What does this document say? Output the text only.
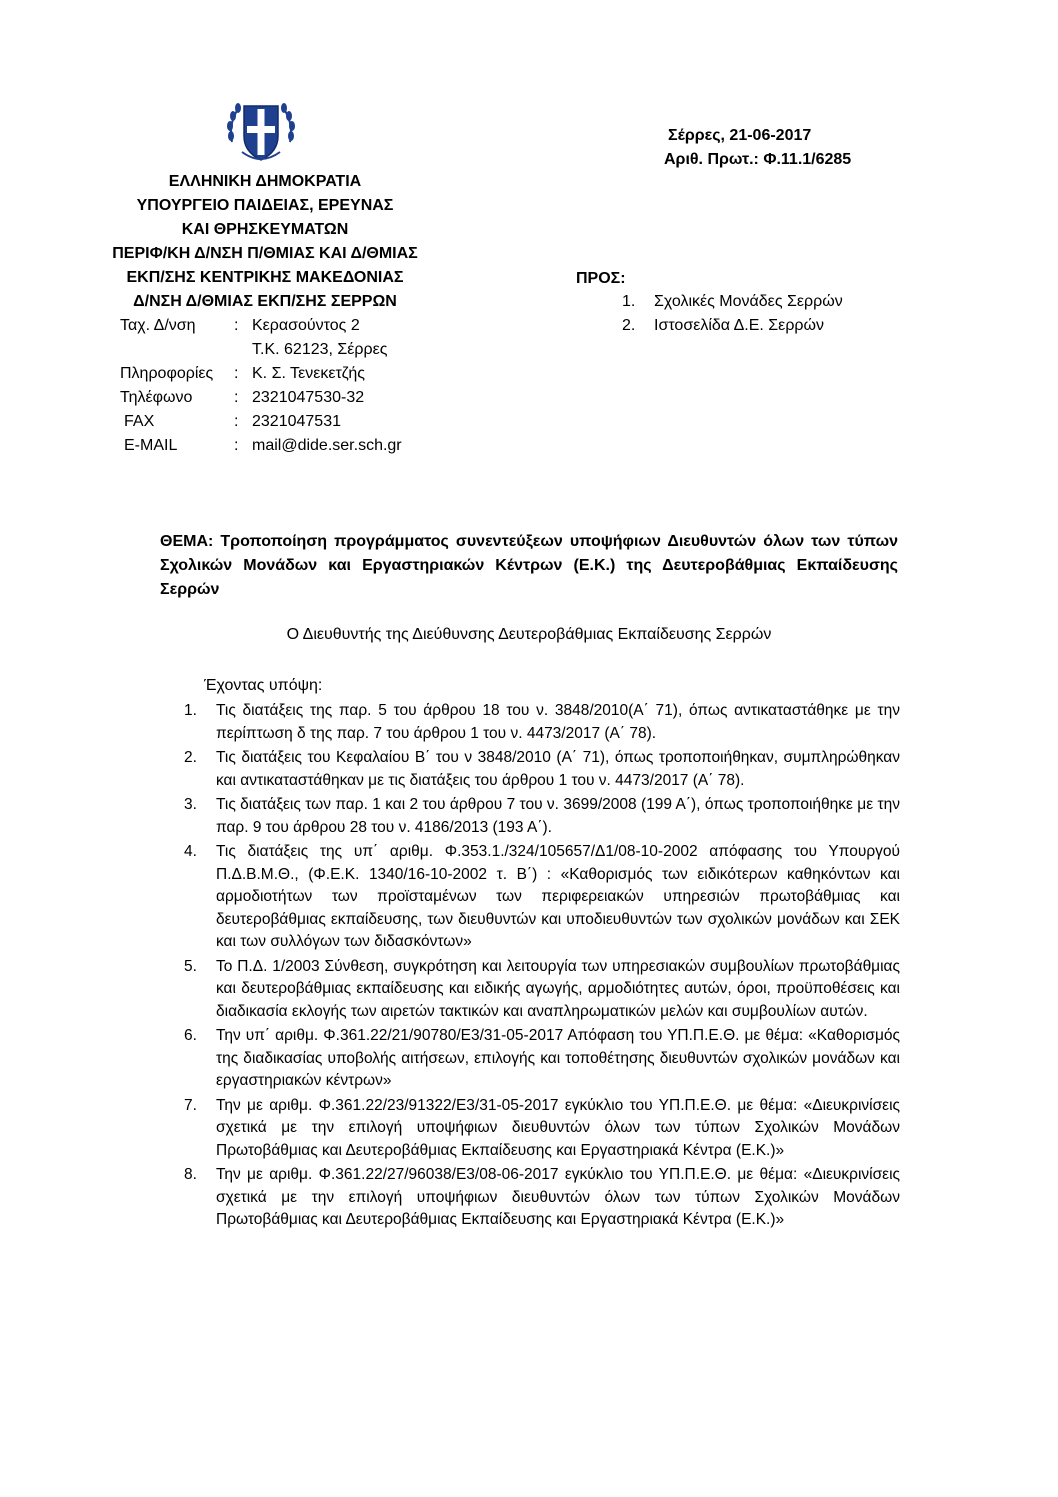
ΕΛΛΗΝΙΚΗ ΔΗΜΟΚΡΑΤΙΑ
ΥΠΟΥΡΓΕΙΟ ΠΑΙΔΕΙΑΣ, ΕΡΕΥΝΑΣ
ΚΑΙ ΘΡΗΣΚΕΥΜΑΤΩΝ
ΠΕΡΙΦ/ΚΗ Δ/ΝΣΗ Π/ΘΜΙΑΣ ΚΑΙ Δ/ΘΜΙΑΣ
ΕΚΠ/ΣΗΣ ΚΕΝΤΡΙΚΗΣ ΜΑΚΕΔΟΝΙΑΣ
Δ/ΝΣΗ Δ/ΘΜΙΑΣ ΕΚΠ/ΣΗΣ ΣΕΡΡΩΝ
Ταχ. Δ/νση : Κερασούντος 2
Τ.Κ. 62123, Σέρρες
Πληροφορίες : Κ. Σ. Τενεκετζής
Τηλέφωνο	: 2321047530-32
FAX	: 2321047531
E-MAIL	: mail@dide.ser.sch.gr
Σέρρες, 21-06-2017
Αριθ. Πρωτ.: Φ.11.1/6285
ΠΡΟΣ:
1. Σχολικές Μονάδες Σερρών
2. Ιστοσελίδα Δ.Ε. Σερρών
ΘΕΜΑ: Τροποποίηση προγράμματος συνεντεύξεων υποψήφιων Διευθυντών όλων των τύπων Σχολικών Μονάδων και Εργαστηριακών Κέντρων (Ε.Κ.) της Δευτεροβάθμιας Εκπαίδευσης Σερρών
Ο Διευθυντής της Διεύθυνσης Δευτεροβάθμιας Εκπαίδευσης Σερρών
Έχοντας υπόψη:
1. Τις διατάξεις της παρ. 5 του άρθρου 18 του ν. 3848/2010(Α΄ 71), όπως αντικαταστάθηκε με την περίπτωση δ της παρ. 7 του άρθρου 1 του ν. 4473/2017 (Α΄ 78).
2. Τις διατάξεις του Κεφαλαίου Β΄ του ν 3848/2010 (Α΄ 71), όπως τροποποιήθηκαν, συμπληρώθηκαν και αντικαταστάθηκαν με τις διατάξεις του άρθρου 1 του ν. 4473/2017 (Α΄ 78).
3. Τις διατάξεις των παρ. 1 και 2 του άρθρου 7 του ν. 3699/2008 (199 Α΄), όπως τροποποιήθηκε με την παρ. 9 του άρθρου 28 του ν. 4186/2013 (193 Α΄).
4. Τις διατάξεις της υπ΄ αριθμ. Φ.353.1./324/105657/Δ1/08-10-2002 απόφασης του Υπουργού Π.Δ.Β.Μ.Θ., (Φ.Ε.Κ. 1340/16-10-2002 τ. Β΄) : «Καθορισμός των ειδικότερων καθηκόντων και αρμοδιοτήτων των προϊσταμένων των περιφερειακών υπηρεσιών πρωτοβάθμιας και δευτεροβάθμιας εκπαίδευσης, των διευθυντών και υποδιευθυντών των σχολικών μονάδων και ΣΕΚ και των συλλόγων των διδασκόντων»
5. Το Π.Δ. 1/2003 Σύνθεση, συγκρότηση και λειτουργία των υπηρεσιακών συμβουλίων πρωτοβάθμιας και δευτεροβάθμιας εκπαίδευσης και ειδικής αγωγής, αρμοδιότητες αυτών, όροι, προϋποθέσεις και διαδικασία εκλογής των αιρετών τακτικών και αναπληρωματικών μελών και συμβουλίων αυτών.
6. Την υπ΄ αριθμ. Φ.361.22/21/90780/Ε3/31-05-2017 Απόφαση του ΥΠ.Π.Ε.Θ. με θέμα: «Καθορισμός της διαδικασίας υποβολής αιτήσεων, επιλογής και τοποθέτησης διευθυντών σχολικών μονάδων και εργαστηριακών κέντρων»
7. Την με αριθμ. Φ.361.22/23/91322/Ε3/31-05-2017 εγκύκλιο του ΥΠ.Π.Ε.Θ. με θέμα: «Διευκρινίσεις σχετικά με την επιλογή υποψήφιων διευθυντών όλων των τύπων Σχολικών Μονάδων Πρωτοβάθμιας και Δευτεροβάθμιας Εκπαίδευσης και Εργαστηριακά Κέντρα (Ε.Κ.)»
8. Την με αριθμ. Φ.361.22/27/96038/Ε3/08-06-2017 εγκύκλιο του ΥΠ.Π.Ε.Θ. με θέμα: «Διευκρινίσεις σχετικά με την επιλογή υποψήφιων διευθυντών όλων των τύπων Σχολικών Μονάδων Πρωτοβάθμιας και Δευτεροβάθμιας Εκπαίδευσης και Εργαστηριακά Κέντρα (Ε.Κ.)»
